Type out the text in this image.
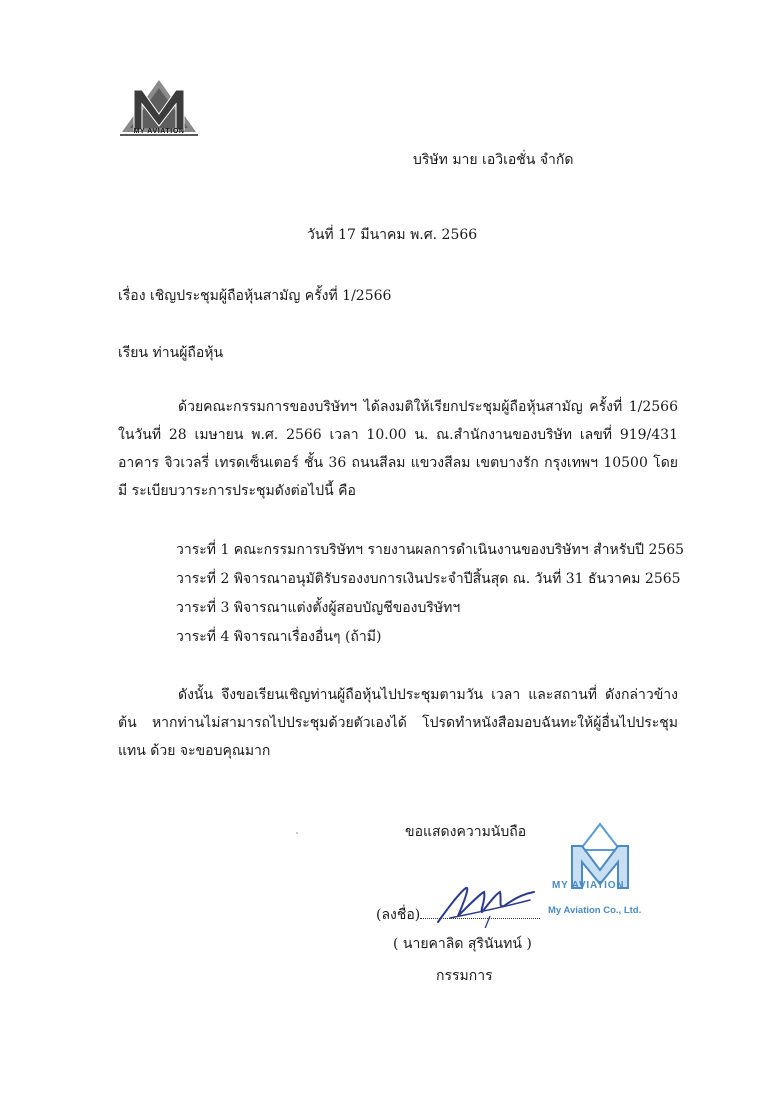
MY AVIATION
บริษัท มาย เอวิเอชั่น จำกัด
วันที่ 17 มีนาคม พ.ศ. 2566
เรื่อง เชิญประชุมผู้ถือหุ้นสามัญ ครั้งที่ 1/2566
เรียน ท่านผู้ถือหุ้น
ด้วยคณะกรรมการของบริษัทฯ ได้ลงมติให้เรียกประชุมผู้ถือหุ้นสามัญ ครั้งที่ 1/2566 ในวันที่ 28 เมษายน พ.ศ. 2566 เวลา 10.00 น. ณ.สำนักงานของบริษัท เลขที่ 919/431 อาคาร จิวเวลรี่ เทรดเซ็นเตอร์ ชั้น 36 ถนนสีลม แขวงสีลม เขตบางรัก กรุงเทพฯ 10500 โดยมี ระเบียบวาระการประชุมดังต่อไปนี้ คือ
วาระที่ 1 คณะกรรมการบริษัทฯ รายงานผลการดำเนินงานของบริษัทฯ สำหรับปี 2565
วาระที่ 2 พิจารณาอนุมัติรับรองงบการเงินประจำปีสิ้นสุด ณ. วันที่ 31 ธันวาคม 2565
วาระที่ 3 พิจารณาแต่งตั้งผู้สอบบัญชีของบริษัทฯ
วาระที่ 4 พิจารณาเรื่องอื่นๆ (ถ้ามี)
ดังนั้น จึงขอเรียนเชิญท่านผู้ถือหุ้นไปประชุมตามวัน เวลา และสถานที่ ดังกล่าวข้างต้น หากท่านไม่สามารถไปประชุมด้วยตัวเองได้ โปรดทำหนังสือมอบฉันทะให้ผู้อื่นไปประชุมแทน ด้วย จะขอบคุณมาก
ขอแสดงความนับถือ
MY AVIATION
My Aviation Co., Ltd.
(ลงชื่อ)
( นายคาลิด สุรินันทน์ )
กรรมการ
